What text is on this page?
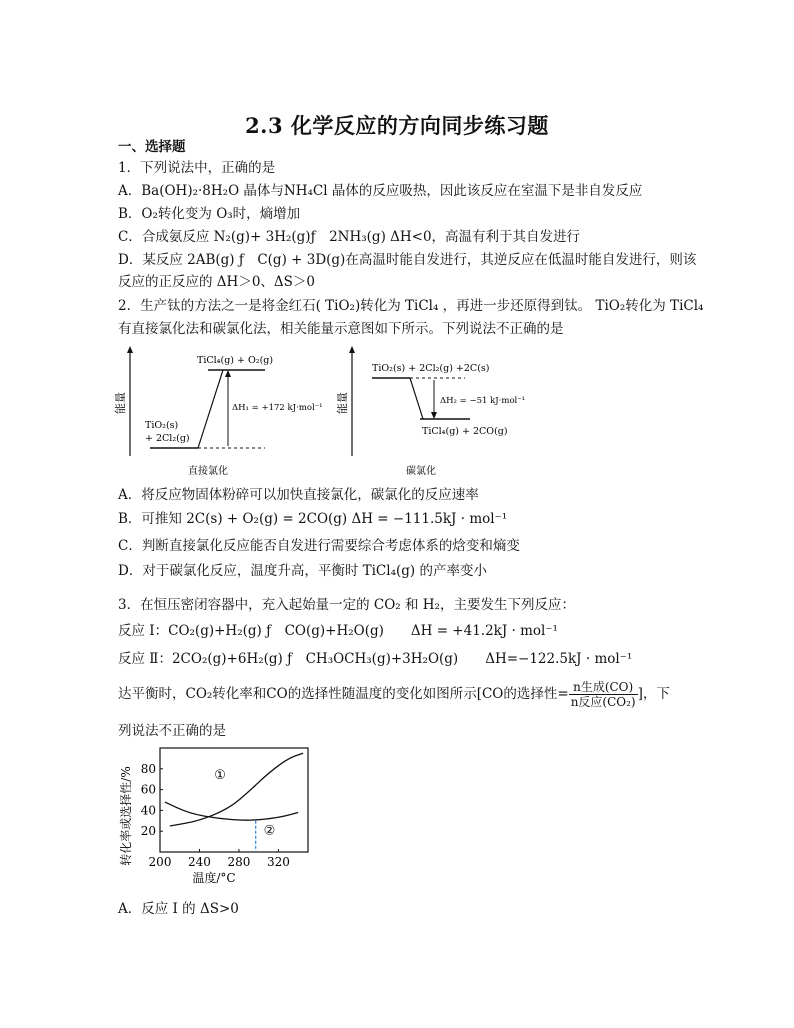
2.3 化学反应的方向同步练习题
一、选择题
1．下列说法中，正确的是
A．Ba(OH)₂·8H₂O 晶体与NH₄Cl 晶体的反应吸热，因此该反应在室温下是非自发反应
B．O₂转化变为 O₃时，熵增加
C．合成氨反应 N₂(g)+ 3H₂(g)ƒ　2NH₃(g) ΔH<0，高温有利于其自发进行
D．某反应 2AB(g) ƒ　C(g) + 3D(g)在高温时能自发进行，其逆反应在低温时能自发进行，则该
反应的正反应的 ΔH＞0、ΔS＞0
2．生产钛的方法之一是将金红石( TiO₂)转化为 TiCl₄ ，再进一步还原得到钛。 TiO₂转化为 TiCl₄
有直接氯化法和碳氯化法，相关能量示意图如下所示。下列说法不正确的是
能量
TiCl₄(g) + O₂(g)
TiO₂(s)
+ 2Cl₂(g)
ΔH₁ = +172 kJ·mol⁻¹
直接氯化
能量
TiO₂(s) + 2Cl₂(g) +2C(s)
TiCl₄(g) + 2CO(g)
ΔH₂ = −51 kJ·mol⁻¹
碳氯化
A．将反应物固体粉碎可以加快直接氯化，碳氯化的反应速率
B．可推知 2C(s) + O₂(g) = 2CO(g) ΔH = −111.5kJ · mol⁻¹
C．判断直接氯化反应能否自发进行需要综合考虑体系的焓变和熵变
D．对于碳氯化反应，温度升高，平衡时 TiCl₄(g) 的产率变小
3．在恒压密闭容器中，充入起始量一定的 CO₂ 和 H₂，主要发生下列反应：
反应 Ⅰ：CO₂(g)+H₂(g) ƒ　CO(g)+H₂O(g)　　ΔH = +41.2kJ · mol⁻¹
反应 Ⅱ：2CO₂(g)+6H₂(g) ƒ　CH₃OCH₃(g)+3H₂O(g)　　ΔH=−122.5kJ · mol⁻¹
达平衡时，CO₂转化率和CO的选择性随温度的变化如图所示[CO的选择性= $\frac{\text{n生成(CO)}}{\text{n反应(CO₂)}}$ ]，下
列说法不正确的是
200 240 280 320
20
40
60
80
温度/°C
转化率或选择性/%	①
②
A．反应 Ⅰ 的 ΔS>0
